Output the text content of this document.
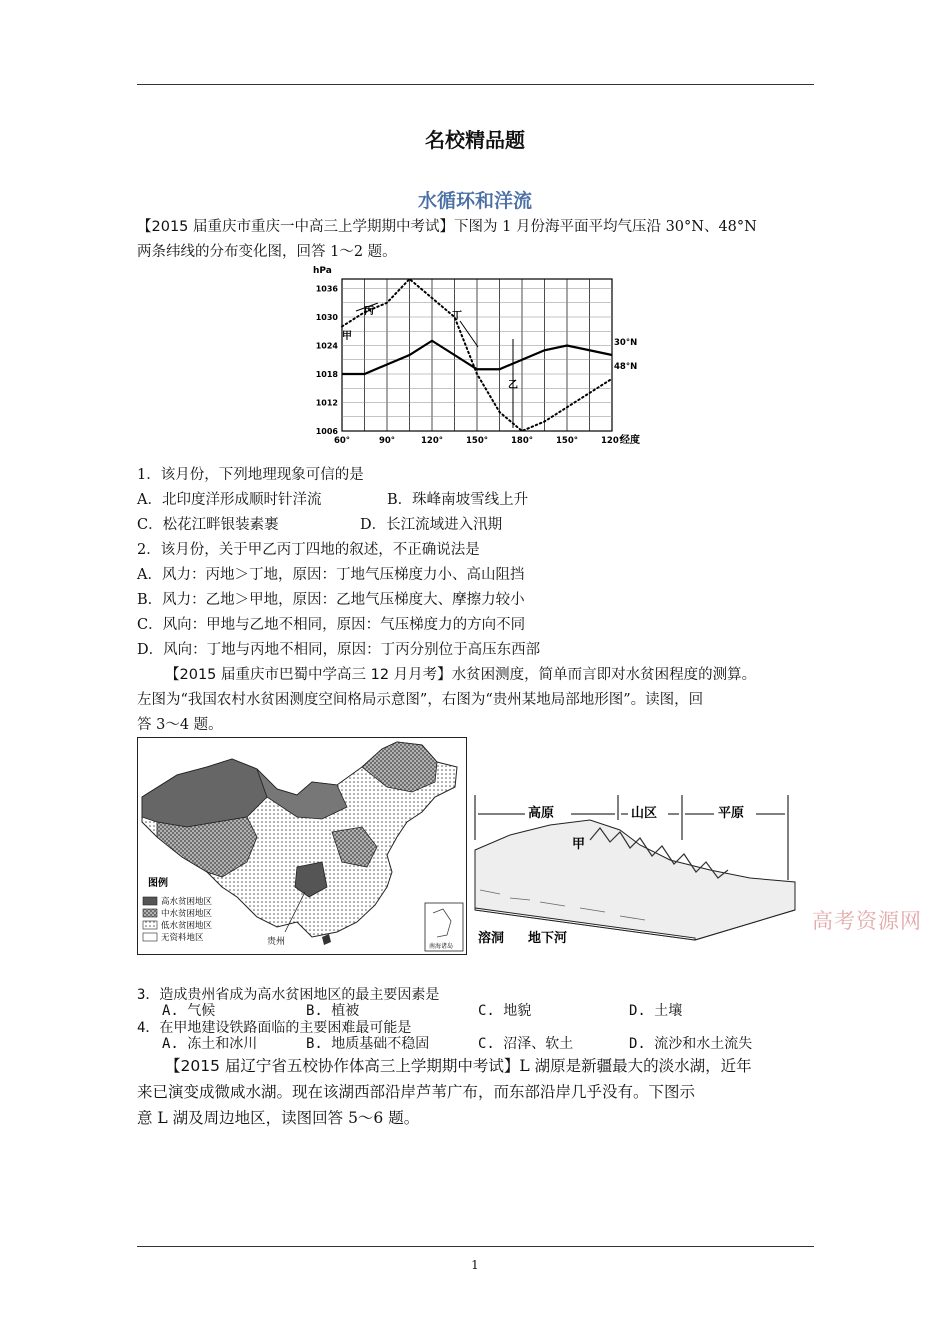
名校精品题
水循环和洋流
【2015 届重庆市重庆一中高三上学期期中考试】下图为 1 月份海平面平均气压沿 30°N、48°N
两条纬线的分布变化图，回答 1～2 题。
1006
1012
1018
1024
1030
1036
60°	90°	120°	150°	180°	150°	120°
hPa
经度
甲
乙
丙	丁
30°N
48°N
1．该月份，下列地理现象可信的是
A．北印度洋形成顺时针洋流	B．珠峰南坡雪线上升
C．松花江畔银装素裹	D．长江流域进入汛期
2．该月份，关于甲乙丙丁四地的叙述，不正确说法是
A．风力：丙地＞丁地，原因：丁地气压梯度力小、高山阻挡
B．风力：乙地＞甲地，原因：乙地气压梯度大、摩擦力较小
C．风向：甲地与乙地不相同，原因：气压梯度力的方向不同
D．风向：丁地与丙地不相同，原因：丁丙分别位于高压东西部
【2015 届重庆市巴蜀中学高三 12 月月考】水贫困测度，简单而言即对水贫困程度的测算。
左图为“我国农村水贫困测度空间格局示意图”，右图为“贵州某地局部地形图”。读图，回
答 3～4 题。
南海诸岛
图例
高水贫困地区
中水贫困地区
低水贫困地区
无资料地区	贵州
高原	山区	平原
甲
溶洞 地下河
高考资源网
3．造成贵州省成为高水贫困地区的最主要因素是
A. 气候	B. 植被	C. 地貌	D. 土壤
4．在甲地建设铁路面临的主要困难最可能是
A. 冻土和冰川	B. 地质基础不稳固	C. 沼泽、软土	D. 流沙和水土流失
【2015 届辽宁省五校协作体高三上学期期中考试】L 湖原是新疆最大的淡水湖，近年
来已演变成微咸水湖。现在该湖西部沿岸芦苇广布，而东部沿岸几乎没有。下图示
意 L 湖及周边地区，读图回答 5～6 题。
1
